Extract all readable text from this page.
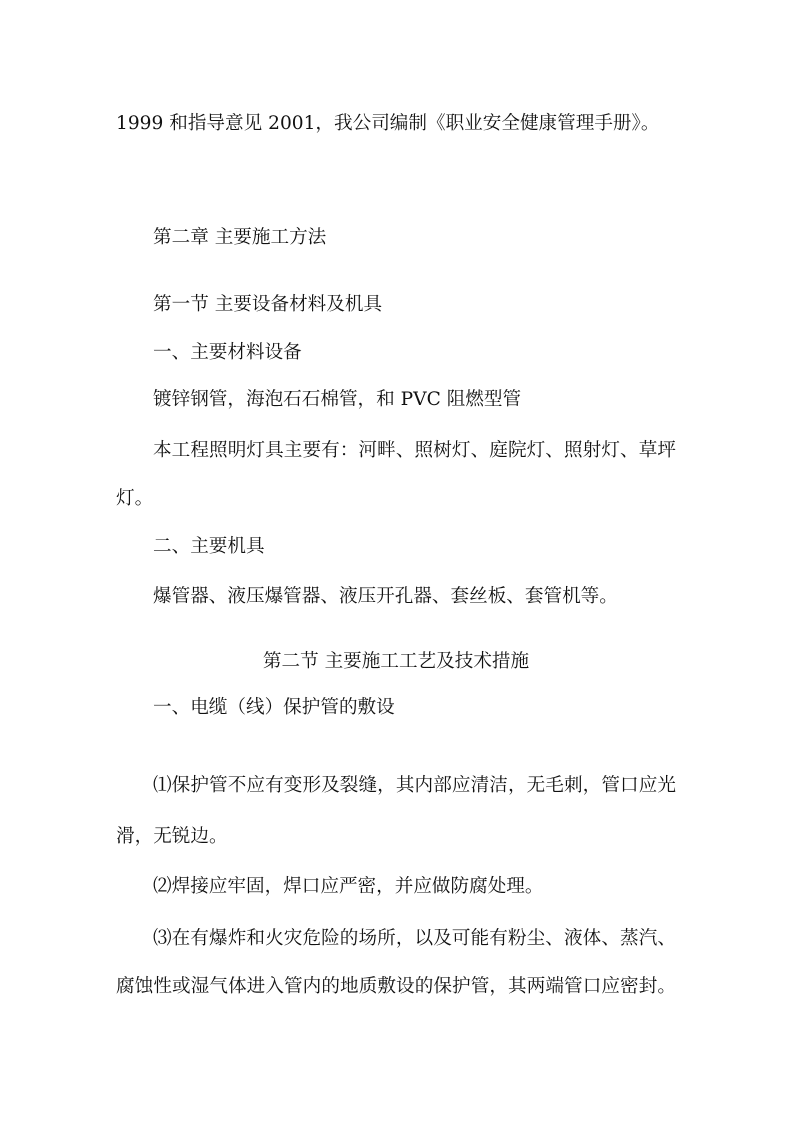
1999 和指导意见 2001，我公司编制《职业安全健康管理手册》。
第二章 主要施工方法
第一节 主要设备材料及机具
一、主要材料设备
镀锌钢管，海泡石石棉管，和 PVC 阻燃型管
本工程照明灯具主要有：河畔、照树灯、庭院灯、照射灯、草坪
灯。
二、主要机具
爆管器、液压爆管器、液压开孔器、套丝板、套管机等。
第二节 主要施工工艺及技术措施
一、电缆（线）保护管的敷设
⑴保护管不应有变形及裂缝，其内部应清洁，无毛刺，管口应光
滑，无锐边。
⑵焊接应牢固，焊口应严密，并应做防腐处理。
⑶在有爆炸和火灾危险的场所，以及可能有粉尘、液体、蒸汽、
腐蚀性或湿气体进入管内的地质敷设的保护管，其两端管口应密封。
